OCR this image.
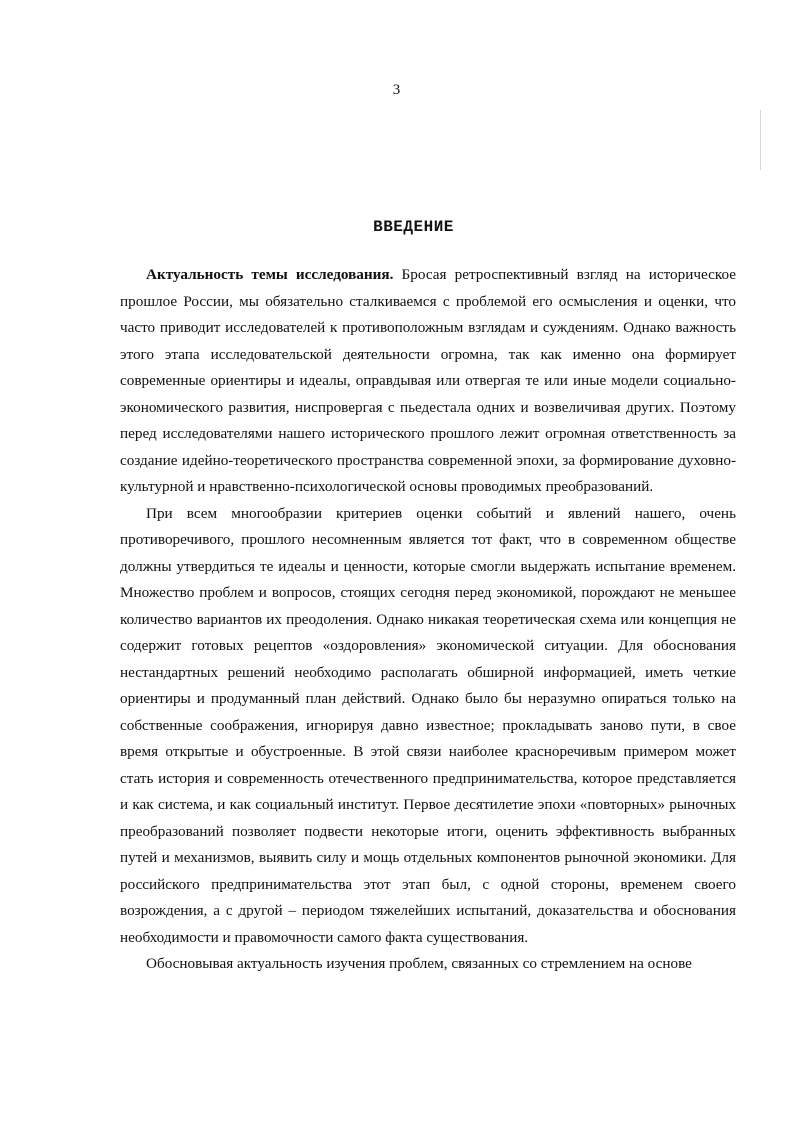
3
ВВЕДЕНИЕ

Актуальность темы исследования. Бросая ретроспективный взгляд на историческое прошлое России, мы обязательно сталкиваемся с проблемой его осмысления и оценки, что часто приводит исследователей к противоположным взглядам и суждениям. Однако важность этого этапа исследовательской деятельности огромна, так как именно она формирует современные ориентиры и идеалы, оправдывая или отвергая те или иные модели социально-экономического развития, ниспровергая с пьедестала одних и возвеличивая других. Поэтому перед исследователями нашего исторического прошлого лежит огромная ответственность за создание идейно-теоретического пространства современной эпохи, за формирование духовно-культурной и нравственно-психологической основы проводимых преобразований.

При всем многообразии критериев оценки событий и явлений нашего, очень противоречивого, прошлого несомненным является тот факт, что в современном обществе должны утвердиться те идеалы и ценности, которые смогли выдержать испытание временем. Множество проблем и вопросов, стоящих сегодня перед экономикой, порождают не меньшее количество вариантов их преодоления. Однако никакая теоретическая схема или концепция не содержит готовых рецептов «оздоровления» экономической ситуации. Для обоснования нестандартных решений необходимо располагать обширной информацией, иметь четкие ориентиры и продуманный план действий. Однако было бы неразумно опираться только на собственные соображения, игнорируя давно известное; прокладывать заново пути, в свое время открытые и обустроенные. В этой связи наиболее красноречивым примером может стать история и современность отечественного предпринимательства, которое представляется и как система, и как социальный институт. Первое десятилетие эпохи «повторных» рыночных преобразований позволяет подвести некоторые итоги, оценить эффективность выбранных путей и механизмов, выявить силу и мощь отдельных компонентов рыночной экономики. Для российского предпринимательства этот этап был, с одной стороны, временем своего возрождения, а с другой – периодом тяжелейших испытаний, доказательства и обоснования необходимости и правомочности самого факта существования.

Обосновывая актуальность изучения проблем, связанных со стремлением на основе
